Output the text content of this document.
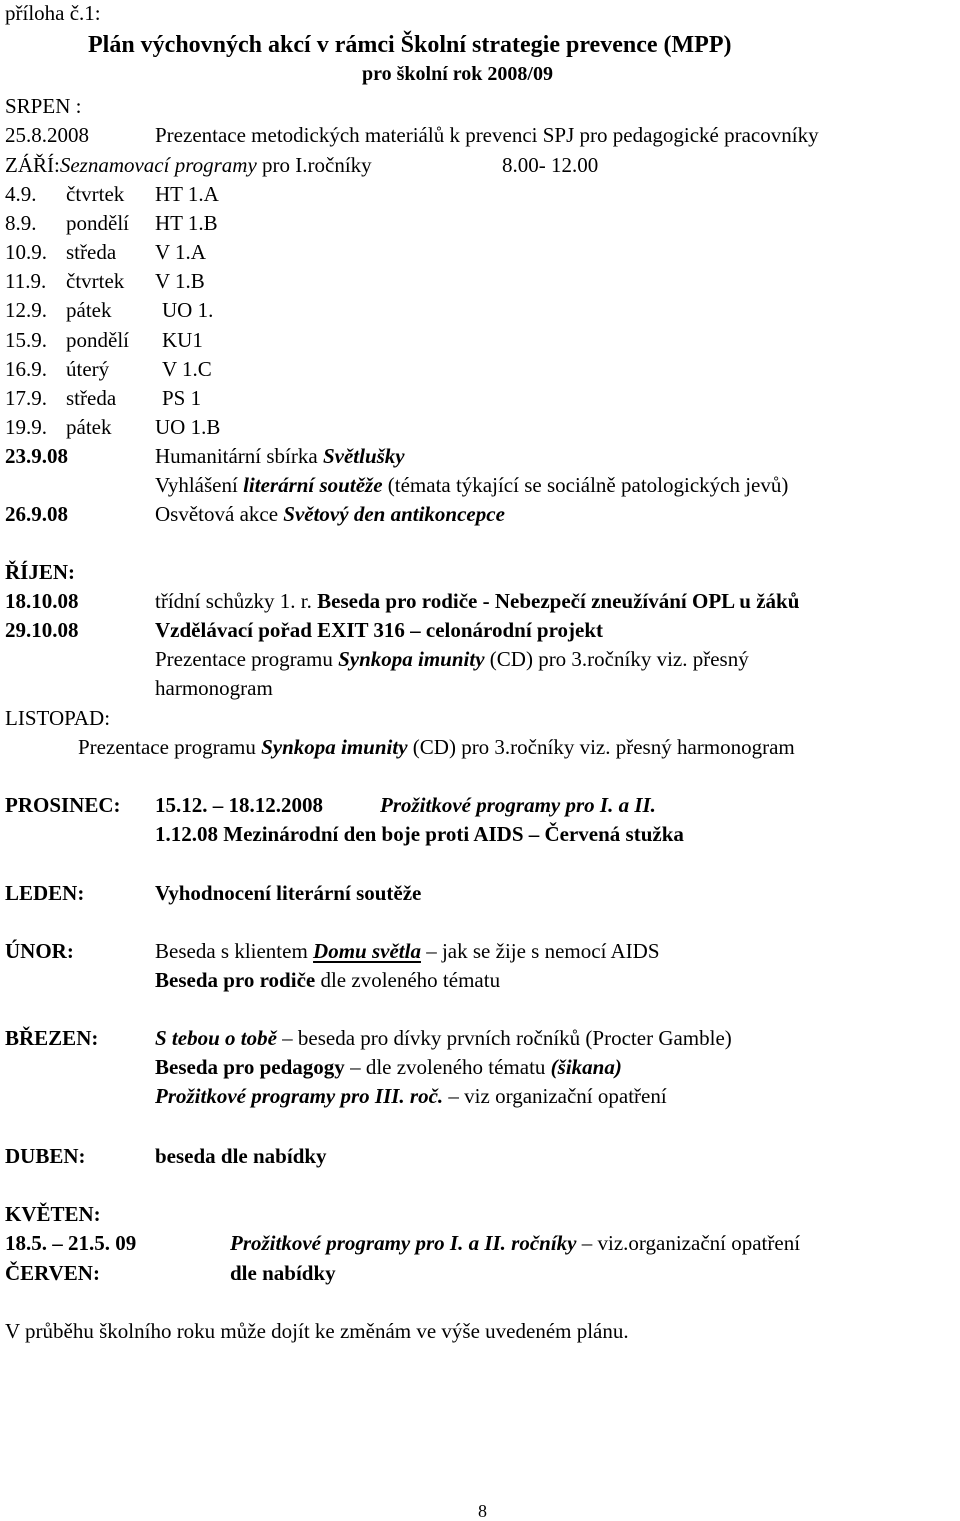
příloha č.1:
Plán výchovných akcí v rámci Školní strategie prevence (MPP)
pro školní rok 2008/09
SRPEN :
25.8.2008	Prezentace metodických materiálů k prevenci SPJ pro pedagogické pracovníky
ZÁŘÍ:Seznamovací programy pro I.ročníky	8.00- 12.00
4.9. čtvrtek HT 1.A
8.9. pondělí HT 1.B
10.9. středa V 1.A
11.9. čtvrtek V 1.B
12.9. pátek UO 1.
15.9. pondělí KU1
16.9. úterý	V 1.C
17.9. středa PS 1
19.9. pátek UO 1.B
23.9.08	Humanitární sbírka Světlušky
Vyhlášení literární soutěže (témata týkající se sociálně patologických jevů)
26.9.08	Osvětová akce Světový den antikoncepce
ŘÍJEN:
18.10.08	třídní schůzky 1. r. Beseda pro rodiče - Nebezpečí zneužívání OPL u žáků
29.10.08	Vzdělávací pořad EXIT 316 – celonárodní projekt
Prezentace programu Synkopa imunity (CD) pro 3.ročníky viz. přesný
harmonogram
LISTOPAD:
Prezentace programu Synkopa imunity (CD) pro 3.ročníky viz. přesný harmonogram
PROSINEC: 15.12. – 18.12.2008	Prožitkové programy pro I. a II.
1.12.08 Mezinárodní den boje proti AIDS – Červená stužka
LEDEN:	Vyhodnocení literární soutěže
ÚNOR:	Beseda s klientem Domu světla – jak se žije s nemocí AIDS
Beseda pro rodiče dle zvoleného tématu
BŘEZEN:	S tebou o tobě – beseda pro dívky prvních ročníků (Procter Gamble)
Beseda pro pedagogy – dle zvoleného tématu (šikana)
Prožitkové programy pro III. roč. – viz organizační opatření
DUBEN:	beseda dle nabídky
KVĚTEN:
18.5. – 21.5. 09	Prožitkové programy pro I. a II. ročníky – viz.organizační opatření
ČERVEN:	dle nabídky
V průběhu školního roku může dojít ke změnám ve výše uvedeném plánu.
8
